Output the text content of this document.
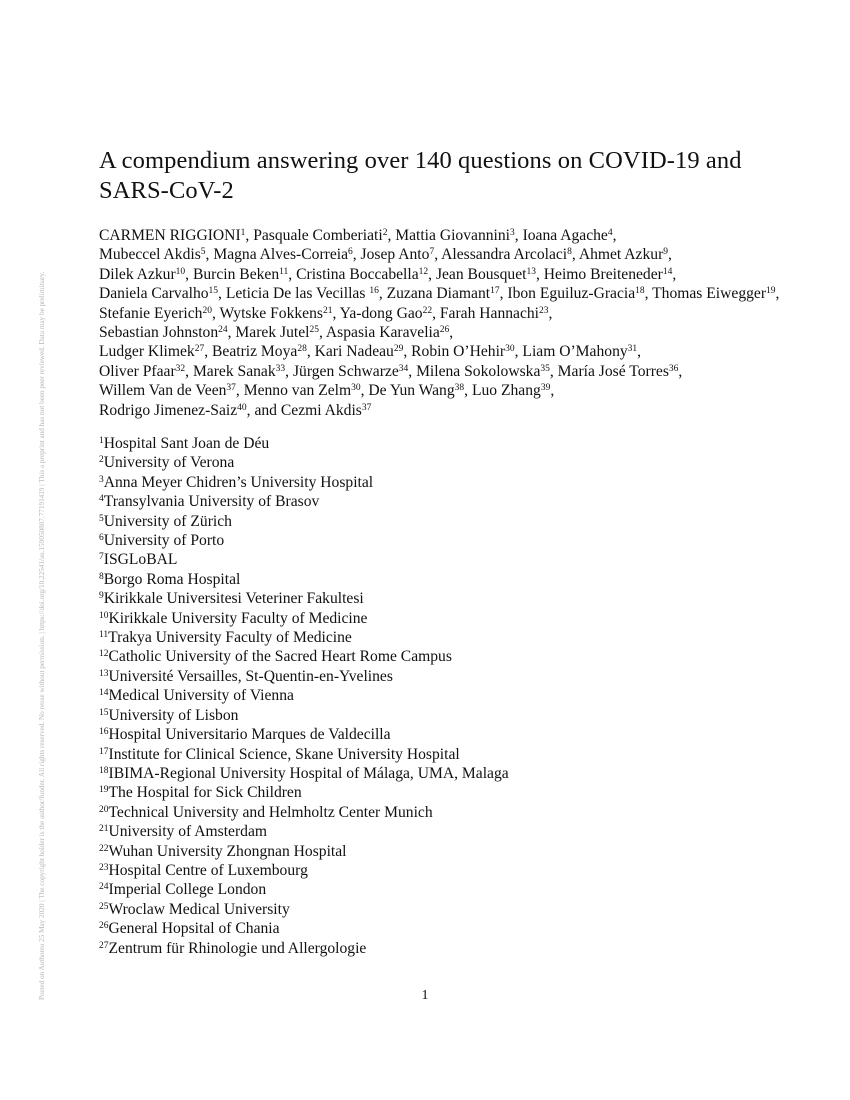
Posted on Authorea 25 May 2020 | The copyright holder is the author/funder. All rights reserved. No reuse without permission. | https://doi.org/10.22541/au.159050807.77191419 | This a preprint and has not been peer reviewed. Data may be preliminary.
A compendium answering over 140 questions on COVID-19 and
SARS-CoV-2
CARMEN RIGGIONI$^1$, Pasquale Comberiati$^2$, Mattia Giovannini$^3$, Ioana Agache$^4$,
Mubeccel Akdis$^5$, Magna Alves-Correia$^6$, Josep Anto$^7$, Alessandra Arcolaci$^8$, Ahmet Azkur$^9$,
Dilek Azkur$^{10}$, Burcin Beken$^{11}$, Cristina Boccabella$^{12}$, Jean Bousquet$^{13}$, Heimo Breiteneder$^{14}$,
Daniela Carvalho$^{15}$, Leticia De las Vecillas $^{16}$, Zuzana Diamant$^{17}$, Ibon Eguiluz-Gracia$^{18}$, Thomas Eiwegger$^{19}$,
Stefanie Eyerich$^{20}$, Wytske Fokkens$^{21}$, Ya-dong Gao$^{22}$, Farah Hannachi$^{23}$,
Sebastian Johnston$^{24}$, Marek Jutel$^{25}$, Aspasia Karavelia$^{26}$,
Ludger Klimek$^{27}$, Beatriz Moya$^{28}$, Kari Nadeau$^{29}$, Robin O’Hehir$^{30}$, Liam O’Mahony$^{31}$,
Oliver Pfaar$^{32}$, Marek Sanak$^{33}$, Jürgen Schwarze$^{34}$, Milena Sokolowska$^{35}$, María José Torres$^{36}$,
Willem Van de Veen$^{37}$, Menno van Zelm$^{30}$, De Yun Wang$^{38}$, Luo Zhang$^{39}$,
Rodrigo Jimenez-Saiz$^{40}$, and Cezmi Akdis$^{37}$
$^1$Hospital Sant Joan de Déu
$^2$University of Verona
$^3$Anna Meyer Chidren’s University Hospital
$^4$Transylvania University of Brasov
$^5$University of Zürich
$^6$University of Porto
$^7$ISGLoBAL
$^8$Borgo Roma Hospital
$^9$Kirikkale Universitesi Veteriner Fakultesi
$^{10}$Kirikkale University Faculty of Medicine
$^{11}$Trakya University Faculty of Medicine
$^{12}$Catholic University of the Sacred Heart Rome Campus
$^{13}$Université Versailles, St-Quentin-en-Yvelines
$^{14}$Medical University of Vienna
$^{15}$University of Lisbon
$^{16}$Hospital Universitario Marques de Valdecilla
$^{17}$Institute for Clinical Science, Skane University Hospital
$^{18}$IBIMA-Regional University Hospital of Málaga, UMA, Malaga
$^{19}$The Hospital for Sick Children
$^{20}$Technical University and Helmholtz Center Munich
$^{21}$University of Amsterdam
$^{22}$Wuhan University Zhongnan Hospital
$^{23}$Hospital Centre of Luxembourg
$^{24}$Imperial College London
$^{25}$Wroclaw Medical University
$^{26}$General Hopsital of Chania
$^{27}$Zentrum für Rhinologie und Allergologie
1
